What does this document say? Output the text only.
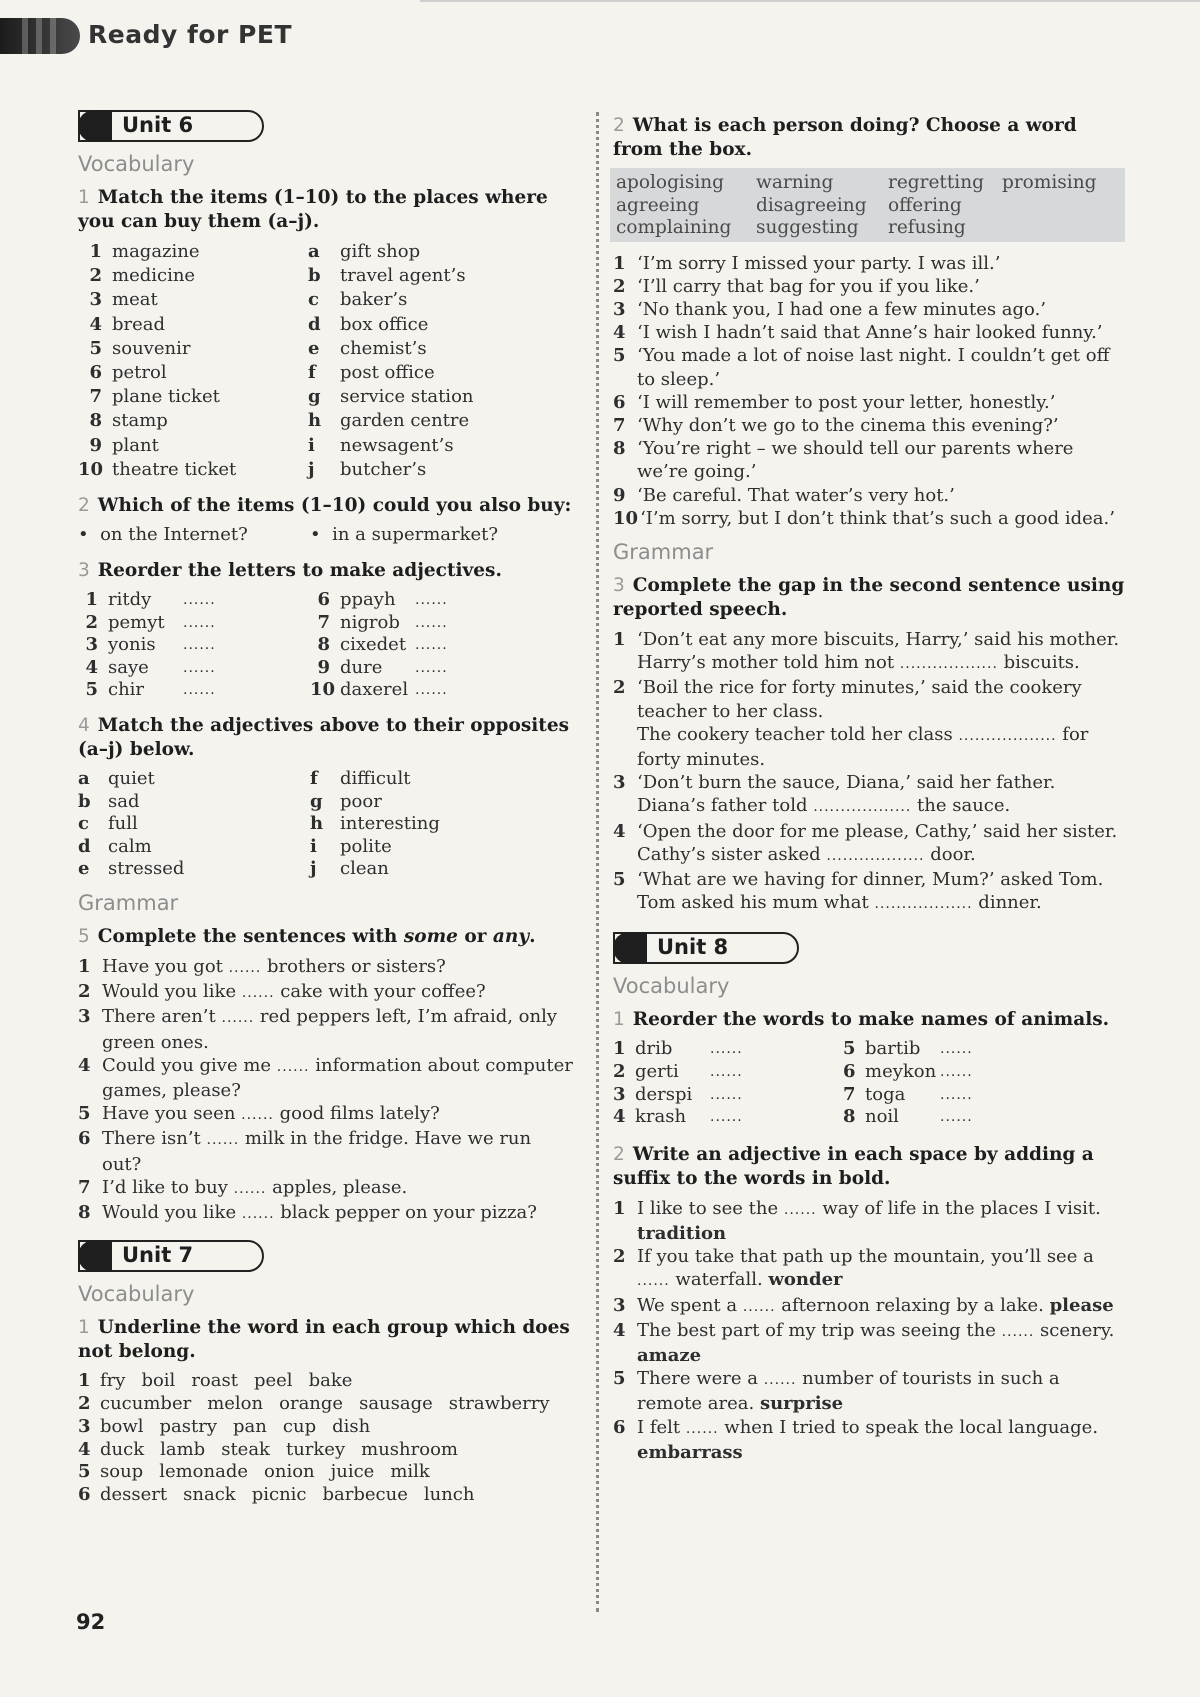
Ready for PET
Unit 6
Vocabulary
1 Match the items (1–10) to the places where you can buy them (a–j).
1 magazine	a	gift shop
2 medicine	b	travel agent’s
3 meat	c	baker’s
4 bread	d	box office
5 souvenir	e	chemist’s
6 petrol	f	post office
7 plane ticket	g	service station
8 stamp	h	garden centre
9 plant	i	newsagent’s
10 theatre ticket	j	butcher’s
2 Which of the items (1–10) could you also buy:
•  on the Internet?	•  in a supermarket?
3 Reorder the letters to make adjectives.
1 ritdy	......	6 ppayh	......
2 pemyt	......	7 nigrob	......
3 yonis	......	8 cixedet ......
4 saye	......	9 dure	......
5 chir	......	10 daxerel ......
4 Match the adjectives above to their opposites (a–j) below.
a	quiet	f	difficult
b sad	g poor
c	full	h interesting
d calm	i	polite
e	stressed	j	clean
Grammar
5 Complete the sentences with some or any.
1 Have you got ...... brothers or sisters?
2 Would you like ...... cake with your coffee?
3 There aren’t ...... red peppers left, I’m afraid, only green ones.
4 Could you give me ...... information about computer games, please?
5 Have you seen ...... good films lately?
6 There isn’t ...... milk in the fridge. Have we run out?
7 I’d like to buy ...... apples, please.
8 Would you like ...... black pepper on your pizza?
Unit 7
Vocabulary
1 Underline the word in each group which does not belong.
1 fry boil roast peel bake
2 cucumber melon orange sausage strawberry
3 bowl pastry pan cup dish
4 duck lamb steak turkey mushroom
5 soup lemonade onion juice milk
6 dessert snack picnic barbecue lunch
2 What is each person doing? Choose a word from the box.
apologising	warning	regretting promising
agreeing	disagreeing	offering
complaining	suggesting	refusing
1 ‘I’m sorry I missed your party. I was ill.’
2 ‘I’ll carry that bag for you if you like.’
3 ‘No thank you, I had one a few minutes ago.’
4 ‘I wish I hadn’t said that Anne’s hair looked funny.’
5 ‘You made a lot of noise last night. I couldn’t get off to sleep.’
6 ‘I will remember to post your letter, honestly.’
7 ‘Why don’t we go to the cinema this evening?’
8 ‘You’re right – we should tell our parents where we’re going.’
9 ‘Be careful. That water’s very hot.’
10 ‘I’m sorry, but I don’t think that’s such a good idea.’
Grammar
3 Complete the gap in the second sentence using reported speech.
1 ‘Don’t eat any more biscuits, Harry,’ said his mother.
Harry’s mother told him not .................. biscuits.
2 ‘Boil the rice for forty minutes,’ said the cookery teacher to her class.
The cookery teacher told her class .................. for forty minutes.
3 ‘Don’t burn the sauce, Diana,’ said her father.
Diana’s father told .................. the sauce.
4 ‘Open the door for me please, Cathy,’ said her sister.
Cathy’s sister asked .................. door.
5 ‘What are we having for dinner, Mum?’ asked Tom.
Tom asked his mum what .................. dinner.
Unit 8
Vocabulary
1 Reorder the words to make names of animals.
1 drib	......	5 bartib	......
2 gerti	......	6 meykon ......
3 derspi	......	7 toga	......
4 krash	......	8 noil	......
2 Write an adjective in each space by adding a suffix to the words in bold.
1 I like to see the ...... way of life in the places I visit. tradition
2 If you take that path up the mountain, you’ll see a ...... waterfall. wonder
3 We spent a ...... afternoon relaxing by a lake. please
4 The best part of my trip was seeing the ...... scenery. amaze
5 There were a ...... number of tourists in such a remote area. surprise
6 I felt ...... when I tried to speak the local language. embarrass
92
